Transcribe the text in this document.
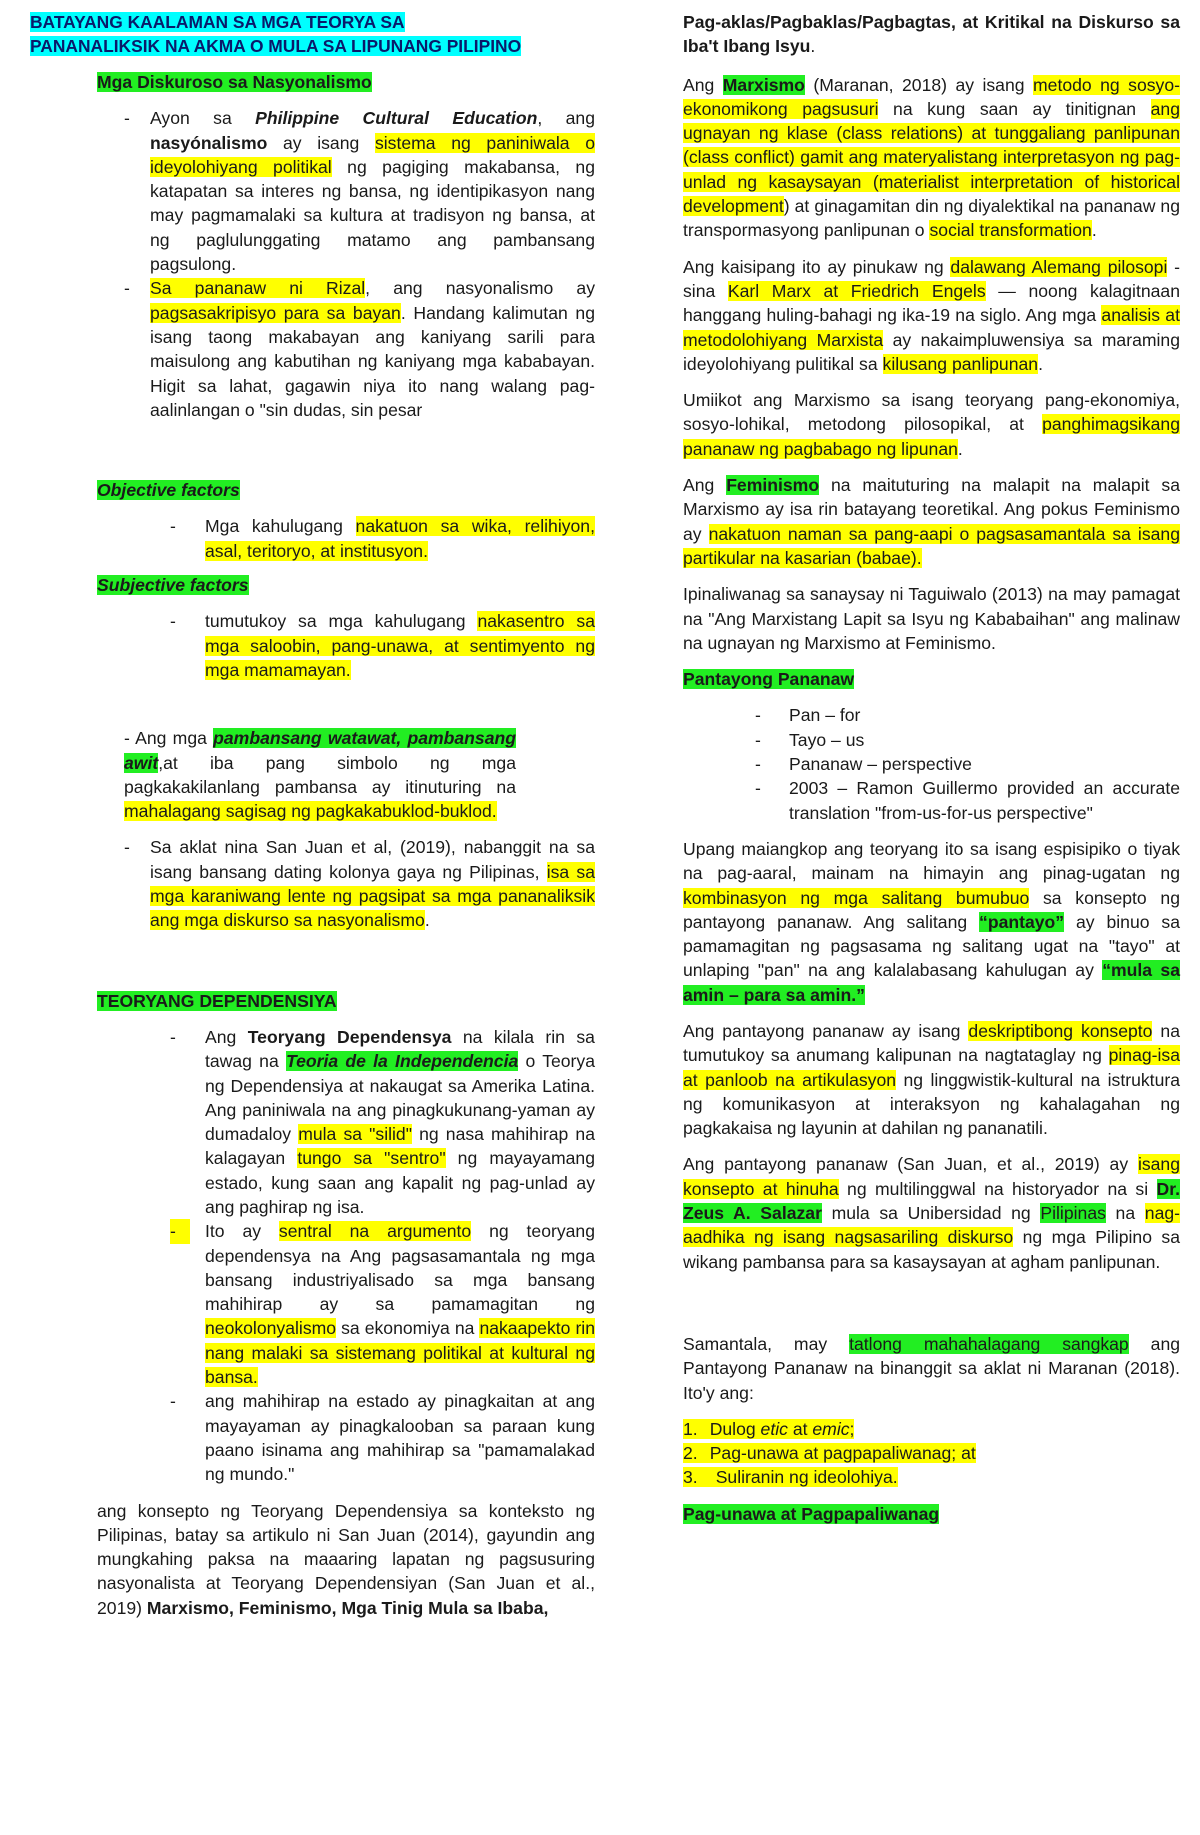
BATAYANG KAALAMAN SA MGA TEORYA SA
PANANALIKSIK NA AKMA O MULA SA LIPUNANG PILIPINO
Mga Diskuroso sa Nasyonalismo
- Ayon sa Philippine Cultural Education, ang nasyónalismo ay isang sistema ng paniniwala o ideyolohiyang politikal ng pagiging makabansa, ng katapatan sa interes ng bansa, ng identipikasyon nang may pagmamalaki sa kultura at tradisyon ng bansa, at ng paglulunggating matamo ang pambansang pagsulong.
- Sa pananaw ni Rizal, ang nasyonalismo ay pagsasakripisyo para sa bayan. Handang kalimutan ng isang taong makabayan ang kaniyang sarili para maisulong ang kabutihan ng kaniyang mga kababayan. Higit sa lahat, gagawin niya ito nang walang pag-aalinlangan o "sin dudas, sin pesar
Objective factors
- Mga kahulugang nakatuon sa wika, relihiyon, asal, teritoryo, at institusyon.
Subjective factors
- tumutukoy sa mga kahulugang nakasentro sa mga saloobin, pang-unawa, at sentimyento ng mga mamamayan.

- Ang mga pambansang watawat, pambansang awit,at iba pang simbolo ng mga pagkakakilanlang pambansa ay itinuturing na mahalagang sagisag ng pagkakabuklod-buklod.

- Sa aklat nina San Juan et al, (2019), nabanggit na sa isang bansang dating kolonya gaya ng Pilipinas, isa sa mga karaniwang lente ng pagsipat sa mga pananaliksik ang mga diskurso sa nasyonalismo.
TEORYANG DEPENDENSIYA
- Ang Teoryang Dependensya na kilala rin sa tawag na Teoria de la Independencia o Teorya ng Dependensiya at nakaugat sa Amerika Latina. Ang paniniwala na ang pinagkukunang-yaman ay dumadaloy mula sa "silid" ng nasa mahihirap na kalagayan tungo sa "sentro" ng mayayamang estado, kung saan ang kapalit ng pag-unlad ay ang paghirap ng isa.
-	Ito ay sentral na argumento ng teoryang dependensya na Ang pagsasamantala ng mga bansang industriyalisado sa mga bansang mahihirap ay sa pamamagitan ng neokolonyalismo sa ekonomiya na nakaapekto rin nang malaki sa sistemang politikal at kultural ng bansa.
- ang mahihirap na estado ay pinagkaitan at ang mayayaman ay pinagkalooban sa paraan kung paano isinama ang mahihirap sa "pamamalakad ng mundo."

ang konsepto ng Teoryang Dependensiya sa konteksto ng Pilipinas, batay sa artikulo ni San Juan (2014), gayundin ang mungkahing paksa na maaaring lapatan ng pagsusuring nasyonalista at Teoryang Dependensiyan (San Juan et al., 2019) Marxismo, Feminismo, Mga Tinig Mula sa Ibaba,

Pag-aklas/Pagbaklas/Pagbagtas, at Kritikal na Diskurso sa Iba't Ibang Isyu.

Ang Marxismo (Maranan, 2018) ay isang metodo ng sosyo-ekonomikong pagsusuri na kung saan ay tinitignan ang ugnayan ng klase (class relations) at tunggaliang panlipunan (class conflict) gamit ang materyalistang interpretasyon ng pag-unlad ng kasaysayan (materialist interpretation of historical development) at ginagamitan din ng diyalektikal na pananaw ng transpormasyong panlipunan o social transformation.

Ang kaisipang ito ay pinukaw ng dalawang Alemang pilosopi - sina Karl Marx at Friedrich Engels — noong kalagitnaan hanggang huling-bahagi ng ika-19 na siglo. Ang mga analisis at metodolohiyang Marxista ay nakaimpluwensiya sa maraming ideyolohiyang pulitikal sa kilusang panlipunan.

Umiikot ang Marxismo sa isang teoryang pang-ekonomiya, sosyo-lohikal, metodong pilosopikal, at panghimagsikang pananaw ng pagbabago ng lipunan.

Ang Feminismo na maituturing na malapit na malapit sa Marxismo ay isa rin batayang teoretikal. Ang pokus Feminismo ay nakatuon naman sa pang-aapi o pagsasamantala sa isang partikular na kasarian (babae).

Ipinaliwanag sa sanaysay ni Taguiwalo (2013) na may pamagat na "Ang Marxistang Lapit sa Isyu ng Kababaihan" ang malinaw na ugnayan ng Marxismo at Feminismo.

Pantayong Pananaw
- Pan – for
- Tayo – us
- Pananaw – perspective
- 2003 – Ramon Guillermo provided an accurate translation "from-us-for-us perspective"

Upang maiangkop ang teoryang ito sa isang espisipiko o tiyak na pag-aaral, mainam na himayin ang pinag-ugatan ng kombinasyon ng mga salitang bumubuo sa konsepto ng pantayong pananaw. Ang salitang “pantayo” ay binuo sa pamamagitan ng pagsasama ng salitang ugat na "tayo" at unlaping "pan" na ang kalalabasang kahulugan ay “mula sa amin – para sa amin.”

Ang pantayong pananaw ay isang deskriptibong konsepto na tumutukoy sa anumang kalipunan na nagtataglay ng pinag-isa at panloob na artikulasyon ng linggwistik-kultural na istruktura ng komunikasyon at interaksyon ng kahalagahan ng pagkakaisa ng layunin at dahilan ng pananatili.

Ang pantayong pananaw (San Juan, et al., 2019) ay isang konsepto at hinuha ng multilinggwal na historyador na si Dr. Zeus A. Salazar mula sa Unibersidad ng Pilipinas na nag-aadhika ng isang nagsasariling diskurso ng mga Pilipino sa wikang pambansa para sa kasaysayan at agham panlipunan.

Samantala, may tatlong mahahalagang sangkap ang Pantayong Pananaw na binanggit sa aklat ni Maranan (2018). Ito'y ang:

1. Dulog etic at emic;
2. Pag-unawa at pagpapaliwanag; at
3. Suliranin ng ideolohiya.
Pag-unawa at Pagpapaliwanag
